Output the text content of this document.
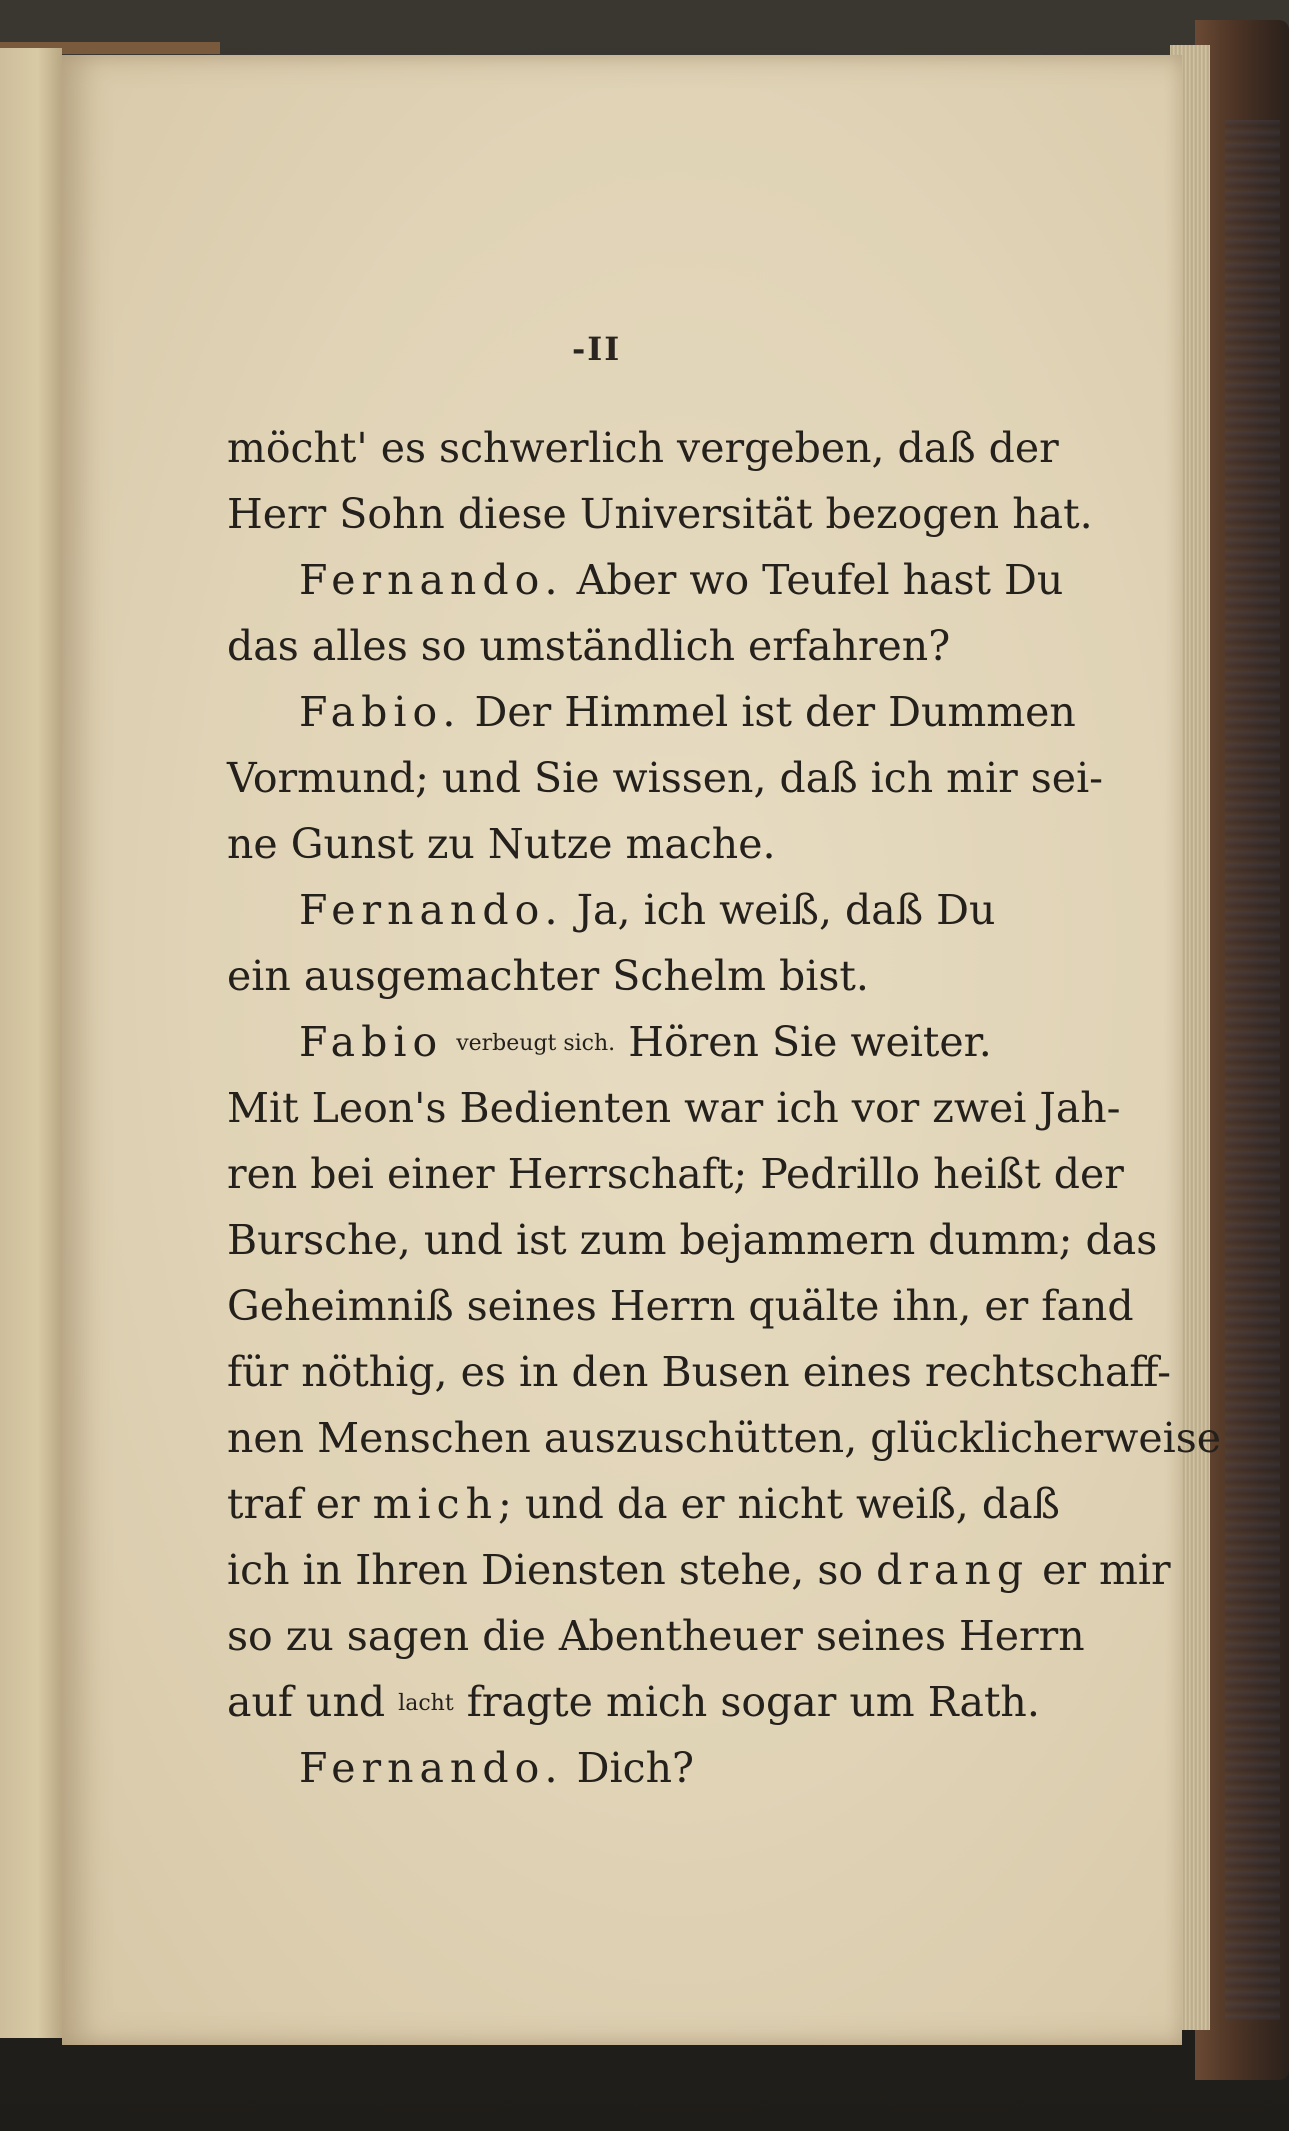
-II
möcht' es schwerlich vergeben, daß der
Herr Sohn diese Universität bezogen hat.
Fernando. Aber wo Teufel hast Du
das alles so umständlich erfahren?
Fabio. Der Himmel ist der Dummen
Vormund; und Sie wissen, daß ich mir sei-
ne Gunst zu Nutze mache.
Fernando. Ja, ich weiß, daß Du
ein ausgemachter Schelm bist.
Fabio verbeugt sich. Hören Sie weiter.
Mit Leon's Bedienten war ich vor zwei Jah-
ren bei einer Herrschaft; Pedrillo heißt der
Bursche, und ist zum bejammern dumm; das
Geheimniß seines Herrn quälte ihn, er fand
für nöthig, es in den Busen eines rechtschaff-
nen Menschen auszuschütten, glücklicherweise
traf er mich; und da er nicht weiß, daß
ich in Ihren Diensten stehe, so drang er mir
so zu sagen die Abentheuer seines Herrn
auf und lacht fragte mich sogar um Rath.
Fernando. Dich?
